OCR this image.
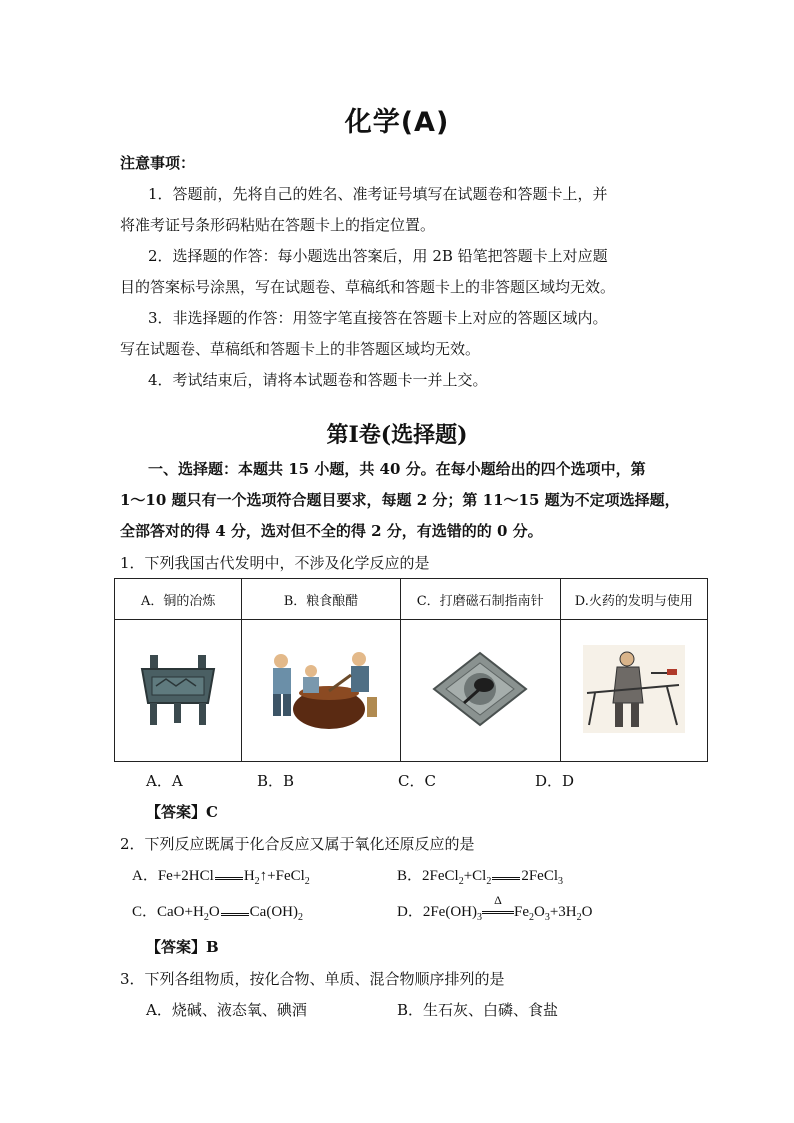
化学(A)
注意事项：
1．答题前，先将自己的姓名、准考证号填写在试题卷和答题卡上，并
将准考证号条形码粘贴在答题卡上的指定位置。
2．选择题的作答：每小题选出答案后，用 2B 铅笔把答题卡上对应题
目的答案标号涂黑，写在试题卷、草稿纸和答题卡上的非答题区域均无效。
3．非选择题的作答：用签字笔直接答在答题卡上对应的答题区域内。
写在试题卷、草稿纸和答题卡上的非答题区域均无效。
4．考试结束后，请将本试题卷和答题卡一并上交。
第Ⅰ卷(选择题)
一、选择题：本题共 15 小题，共 40 分。在每小题给出的四个选项中，第
1～10 题只有一个选项符合题目要求，每题 2 分；第 11～15 题为不定项选择题，
全部答对的得 4 分，选对但不全的得 2 分，有选错的的 0 分。
1．下列我国古代发明中，不涉及化学反应的是
A．铜的冶炼	B．粮食酿醋	C．打磨磁石制指南针	D.火药的发明与使用

A．A	B．B	C．C	D．D
【答案】C
2．下列反应既属于化合反应又属于氧化还原反应的是
A．Fe+2HCl $H_2↑+FeCl_2$	B．$2FeCl_2+Cl_2$ 2FeCl$_3$
C．$CaO+H_2O$ $Ca(OH)_2$	D．$2Fe(OH)_3$
Δ
$Fe_2O_3+3H_2O$
【答案】B
3．下列各组物质，按化合物、单质、混合物顺序排列的是
A．烧碱、液态氧、碘酒	B．生石灰、白磷、食盐
